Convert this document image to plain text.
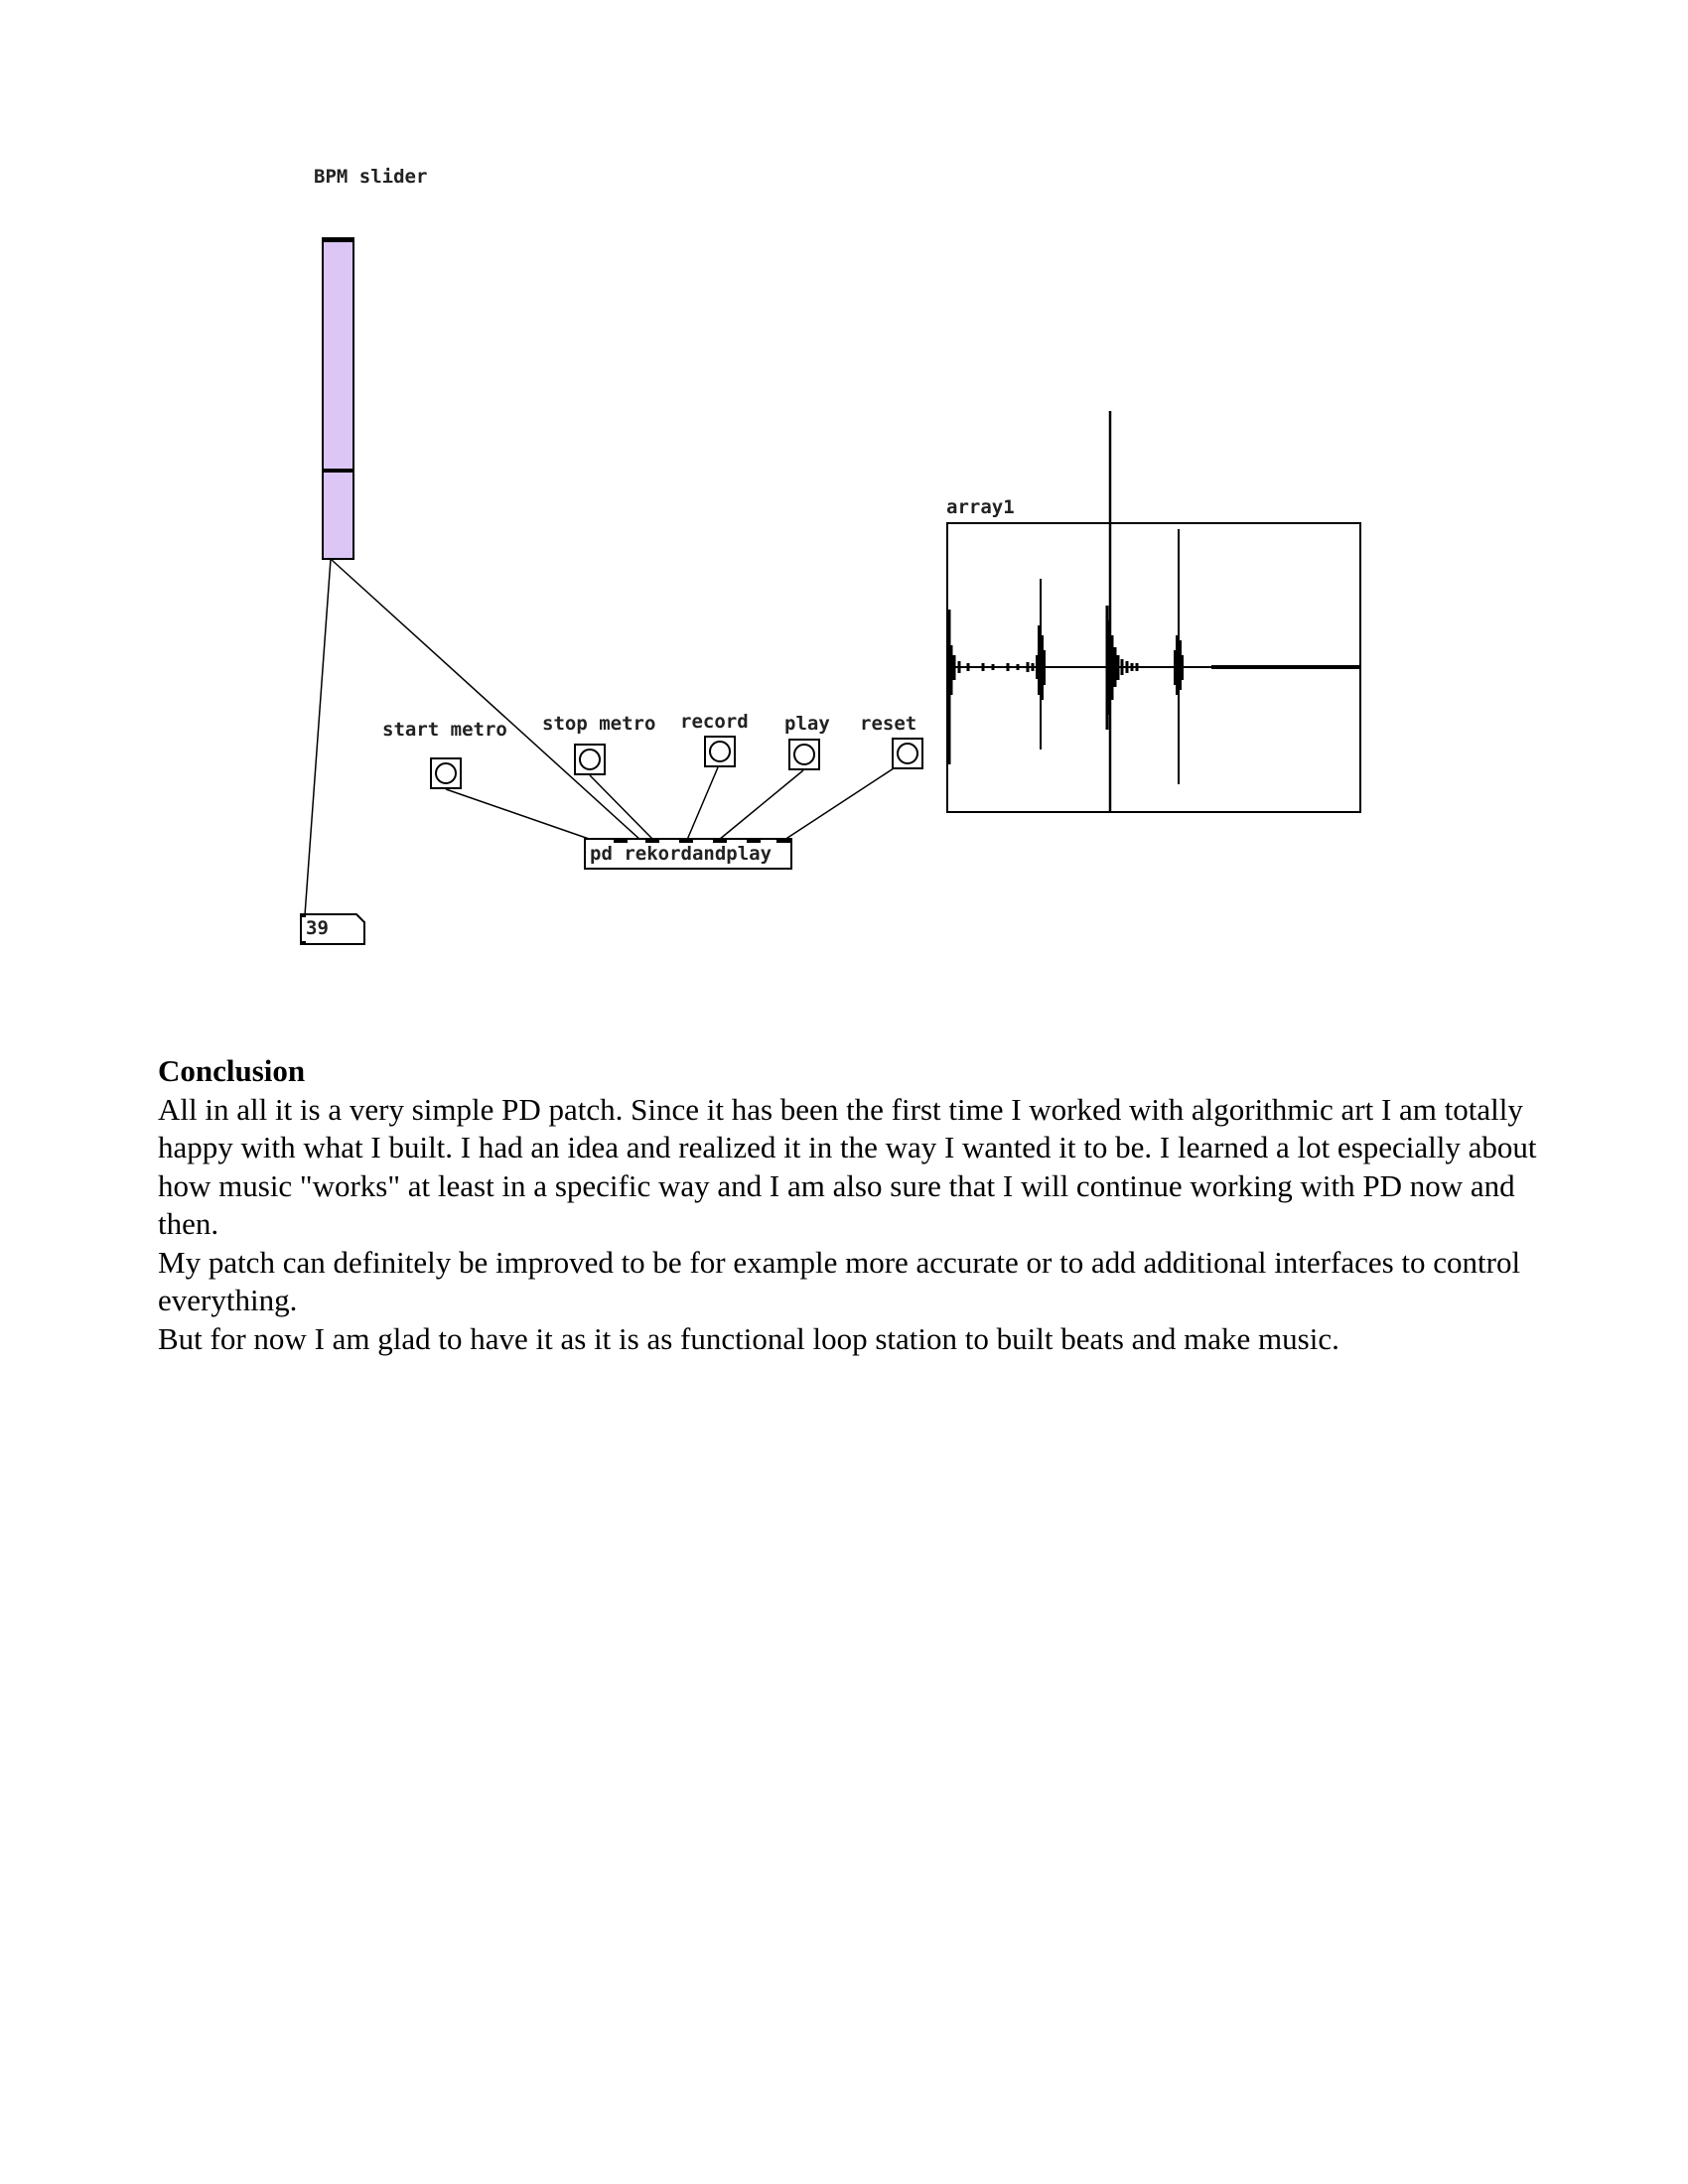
BPM slider
39
start metro stop metro record play reset
pd rekordandplay
array1
Conclusion

All in all it is a very simple PD patch. Since it has been the first time I worked with algorithmic art I am totally happy with what I built. I had an idea and realized it in the way I wanted it to be. I learned a lot especially about how music "works" at least in a specific way and I am also sure that I will continue working with PD now and then.

My patch can definitely be improved to be for example more accurate or to add additional interfaces to control everything.

But for now I am glad to have it as it is as functional loop station to built beats and make music.
